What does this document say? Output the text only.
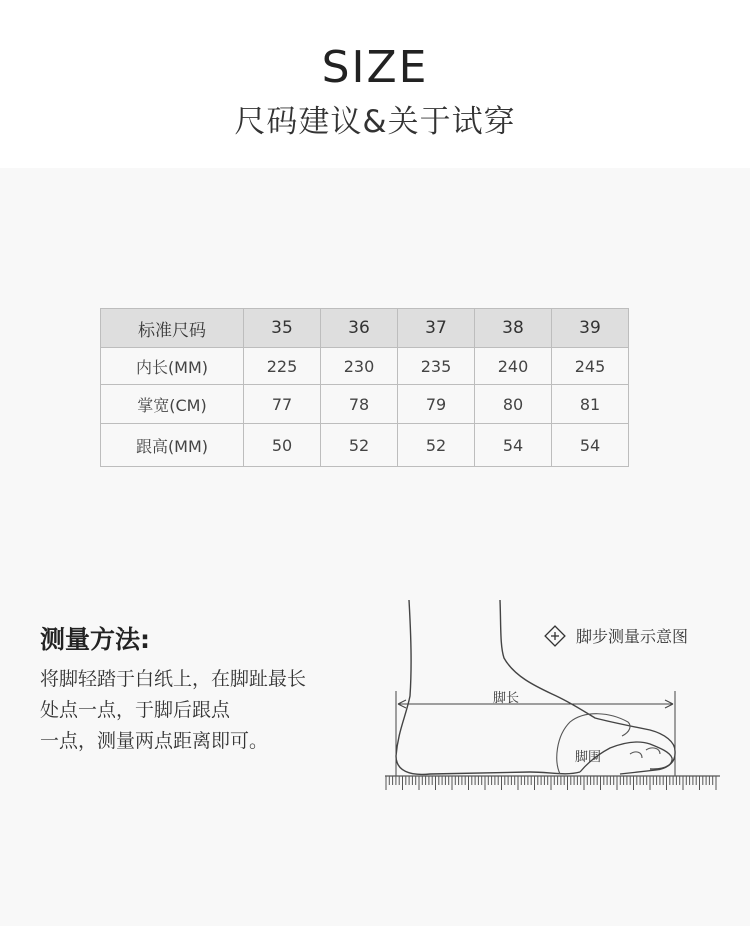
SIZE
尺码建议&关于试穿
标准尺码	35	36	37	38	39
内长(MM)	225	230	235	240	245
掌宽(CM)	77	78	79	80	81
跟高(MM)	50	52	52	54	54
测量方法:
将脚轻踏于白纸上，在脚趾最长
处点一点，于脚后跟点
一点，测量两点距离即可。
脚步测量示意图
脚长
脚围
